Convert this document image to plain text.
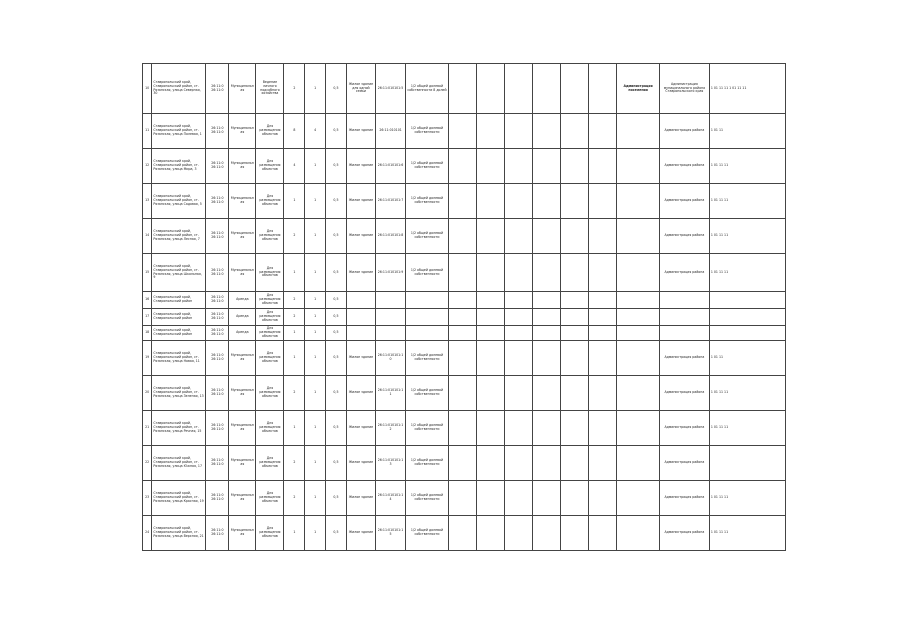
10	Ставропольский край, Ставропольский район, ст. Рязанская, улица Северная, 30	26:11:0 26:11:0	Муниципальная	Ведение личного подсобного хозяйства	2	1	0,5	Жилое здание для одной семьи	26:11:010101:5	1/2 общей долевой собственности 8 долей							Администрация поселения	Администрация муниципального района Ставропольского края	1 01 11 11 1 01 11 11
11	Ставропольский край, Ставропольский район, ст. Рязанская, улица Полевая, 1	26:11:0 26:11:0	Муниципальная	Для размещения объектов	8	4	0,5	Жилое здание	26:11:010101	1/2 общей долевой собственности								Администрация района	1 01 11
12	Ставропольский край, Ставропольский район, ст. Рязанская, улица Мира, 3	26:11:0 26:11:0	Муниципальная	Для размещения объектов	4	1	0,5	Жилое здание	26:11:010101:6	1/2 общей долевой собственности								Администрация района	1 01 11 11
13	Ставропольский край, Ставропольский район, ст. Рязанская, улица Садовая, 5	26:11:0 26:11:0	Муниципальная	Для размещения объектов	1	1	0,5	Жилое здание	26:11:010101:7	1/2 общей долевой собственности								Администрация района	1 01 11 11
14	Ставропольский край, Ставропольский район, ст. Рязанская, улица Лесная, 7	26:11:0 26:11:0	Муниципальная	Для размещения объектов	2	1	0,5	Жилое здание	26:11:010101:8	1/2 общей долевой собственности								Администрация района	1 01 11 11
15	Ставропольский край, Ставропольский район, ст. Рязанская, улица Школьная, 9	26:11:0 26:11:0	Муниципальная	Для размещения объектов	1	1	0,5	Жилое здание	26:11:010101:9	1/2 общей долевой собственности								Администрация района	1 01 11 11
16	Ставропольский край, Ставропольский район	26:11:0 26:11:0	Аренда	Для размещения объектов	2	1	0,5												
17	Ставропольский край, Ставропольский район	26:11:0 26:11:0	Аренда	Для размещения объектов	2	1	0,5												
18	Ставропольский край, Ставропольский район	26:11:0 26:11:0	Аренда	Для размещения объектов	1	1	0,5												
19	Ставропольский край, Ставропольский район, ст. Рязанская, улица Новая, 11	26:11:0 26:11:0	Муниципальная	Для размещения объектов	1	1	0,5	Жилое здание	26:11:010101:10	1/2 общей долевой собственности								Администрация района	1 01 11
20	Ставропольский край, Ставропольский район, ст. Рязанская, улица Зеленая, 13	26:11:0 26:11:0	Муниципальная	Для размещения объектов	2	1	0,5	Жилое здание	26:11:010101:11	1/2 общей долевой собственности								Администрация района	1 01 11 11
21	Ставропольский край, Ставропольский район, ст. Рязанская, улица Речная, 15	26:11:0 26:11:0	Муниципальная	Для размещения объектов	1	1	0,5	Жилое здание	26:11:010101:12	1/2 общей долевой собственности								Администрация района	1 01 11 11
22	Ставропольский край, Ставропольский район, ст. Рязанская, улица Южная, 17	26:11:0 26:11:0	Муниципальная	Для размещения объектов	2	1	0,5	Жилое здание	26:11:010101:13	1/2 общей долевой собственности								Администрация района	
23	Ставропольский край, Ставропольский район, ст. Рязанская, улица Красная, 19	26:11:0 26:11:0	Муниципальная	Для размещения объектов	2	1	0,5	Жилое здание	26:11:010101:14	1/2 общей долевой собственности								Администрация района	1 01 11 11
24	Ставропольский край, Ставропольский район, ст. Рязанская, улица Верхняя, 21	26:11:0 26:11:0	Муниципальная	Для размещения объектов	1	1	0,5	Жилое здание	26:11:010101:15	1/2 общей долевой собственности								Администрация района	1 01 11 11
